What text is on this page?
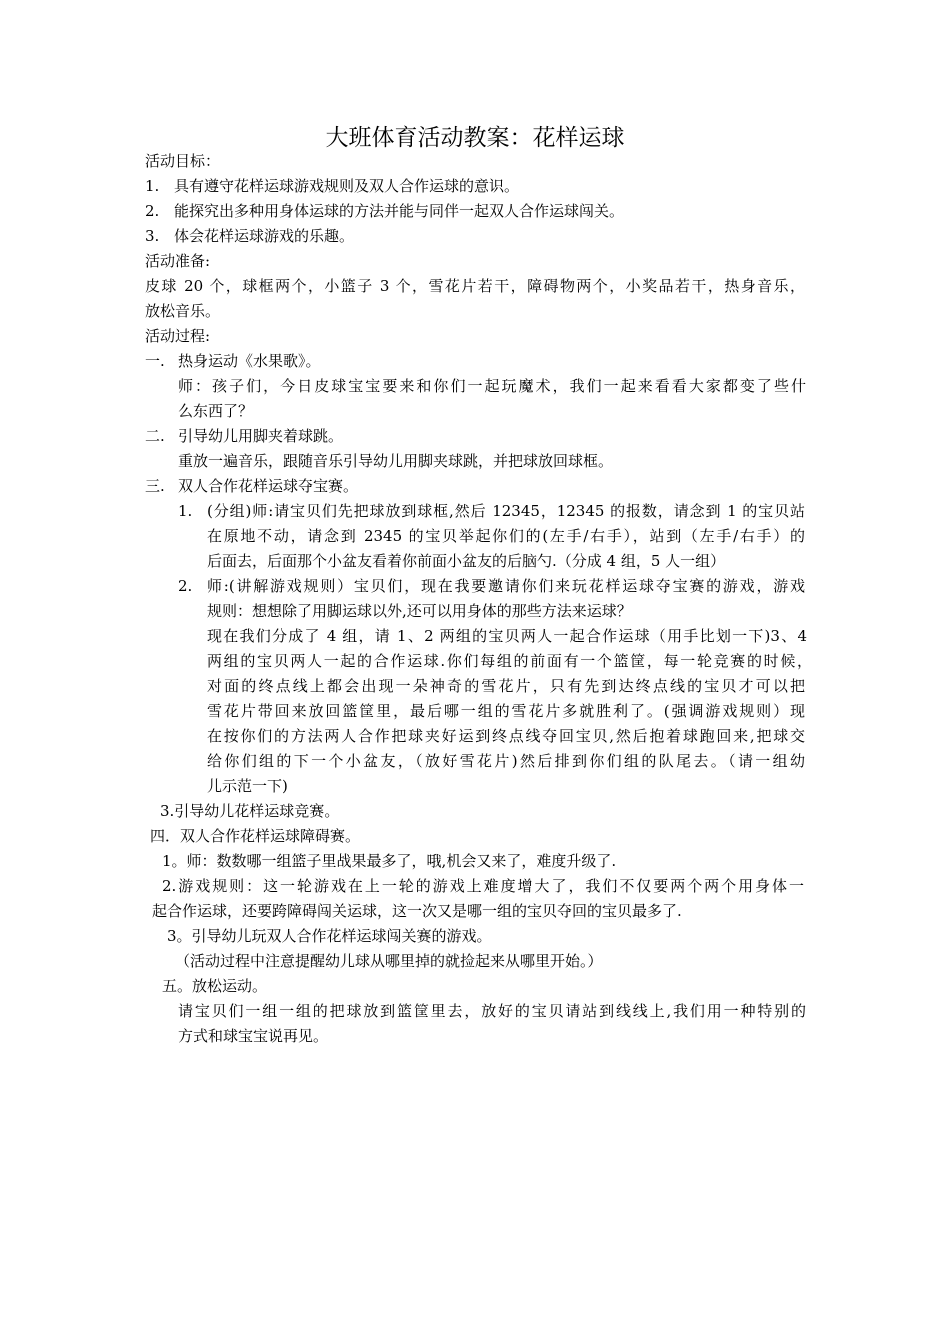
大班体育活动教案：花样运球
活动目标：
1. 具有遵守花样运球游戏规则及双人合作运球的意识。
2. 能探究出多种用身体运球的方法并能与同伴一起双人合作运球闯关。
3. 体会花样运球游戏的乐趣。
活动准备:
皮球 20 个，球框两个，小篮子 3 个，雪花片若干，障碍物两个，小奖品若干，热身音乐，
放松音乐。
活动过程:
一. 热身运动《水果歌》。
师：孩子们，今日皮球宝宝要来和你们一起玩魔术，我们一起来看看大家都变了些什
么东西了？
二. 引导幼儿用脚夹着球跳。
重放一遍音乐，跟随音乐引导幼儿用脚夹球跳，并把球放回球框。
三. 双人合作花样运球夺宝赛。
1. (分组)师:请宝贝们先把球放到球框,然后 12345，12345 的报数，请念到 1 的宝贝站
在原地不动，请念到 2345 的宝贝举起你们的(左手/右手），站到（左手/右手）的
后面去，后面那个小盆友看着你前面小盆友的后脑勺.（分成 4 组，5 人一组）
2. 师:(讲解游戏规则）宝贝们，现在我要邀请你们来玩花样运球夺宝赛的游戏，游戏
规则：想想除了用脚运球以外,还可以用身体的那些方法来运球？
现在我们分成了 4 组，请 1、2 两组的宝贝两人一起合作运球（用手比划一下)3、4
两组的宝贝两人一起的合作运球.你们每组的前面有一个篮筐，每一轮竞赛的时候，
对面的终点线上都会出现一朵神奇的雪花片，只有先到达终点线的宝贝才可以把
雪花片带回来放回篮筐里，最后哪一组的雪花片多就胜利了。(强调游戏规则）现
在按你们的方法两人合作把球夹好运到终点线夺回宝贝,然后抱着球跑回来,把球交
给你们组的下一个小盆友，（放好雪花片)然后排到你们组的队尾去。（请一组幼
儿示范一下)
3.引导幼儿花样运球竞赛。
四．双人合作花样运球障碍赛。
1。师：数数哪一组篮子里战果最多了，哦,机会又来了，难度升级了.
2.游戏规则：这一轮游戏在上一轮的游戏上难度增大了，我们不仅要两个两个用身体一
起合作运球，还要跨障碍闯关运球，这一次又是哪一组的宝贝夺回的宝贝最多了.
3。引导幼儿玩双人合作花样运球闯关赛的游戏。
（活动过程中注意提醒幼儿球从哪里掉的就捡起来从哪里开始。）
五。放松运动。
请宝贝们一组一组的把球放到篮筐里去，放好的宝贝请站到线线上,我们用一种特别的
方式和球宝宝说再见。
